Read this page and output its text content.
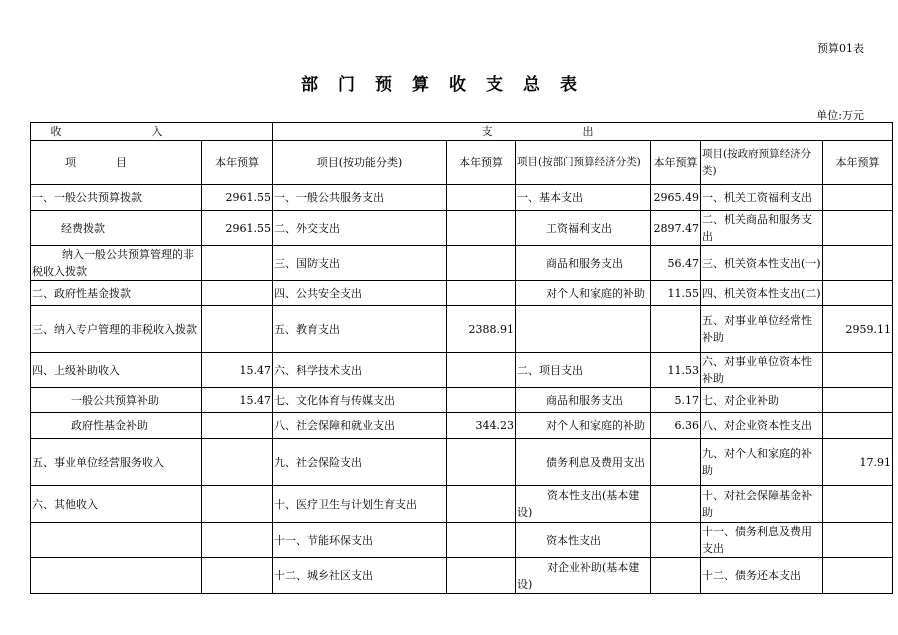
预算01表
部门预算收支总表
单位:万元
收入		支出					
项目	本年预算	项目(按功能分类)	本年预算	项目(按部门预算经济分类)	本年预算	项目(按政府预算经济分类)	本年预算
一、一般公共预算拨款	2961.55	一、一般公共服务支出		一、基本支出	2965.49	一、机关工资福利支出	
经费拨款	2961.55	二、外交支出		工资福利支出	2897.47	二、机关商品和服务支出	
纳入一般公共预算管理的非税收入拨款		三、国防支出		商品和服务支出	56.47	三、机关资本性支出(一)	
二、政府性基金拨款		四、公共安全支出		对个人和家庭的补助	11.55	四、机关资本性支出(二)	
三、纳入专户管理的非税收入拨款		五、教育支出	2388.91			五、对事业单位经常性补助	2959.11
四、上级补助收入	15.47	六、科学技术支出		二、项目支出	11.53	六、对事业单位资本性补助	
一般公共预算补助	15.47	七、文化体育与传媒支出		商品和服务支出	5.17	七、对企业补助	
政府性基金补助		八、社会保障和就业支出	344.23	对个人和家庭的补助	6.36	八、对企业资本性支出	
五、事业单位经营服务收入		九、社会保险支出		债务利息及费用支出		九、对个人和家庭的补助	17.91
六、其他收入		十、医疗卫生与计划生育支出		资本性支出(基本建设)		十、对社会保障基金补助	
		十一、节能环保支出		资本性支出		十一、债务利息及费用支出	
		十二、城乡社区支出		对企业补助(基本建设)		十二、债务还本支出	
